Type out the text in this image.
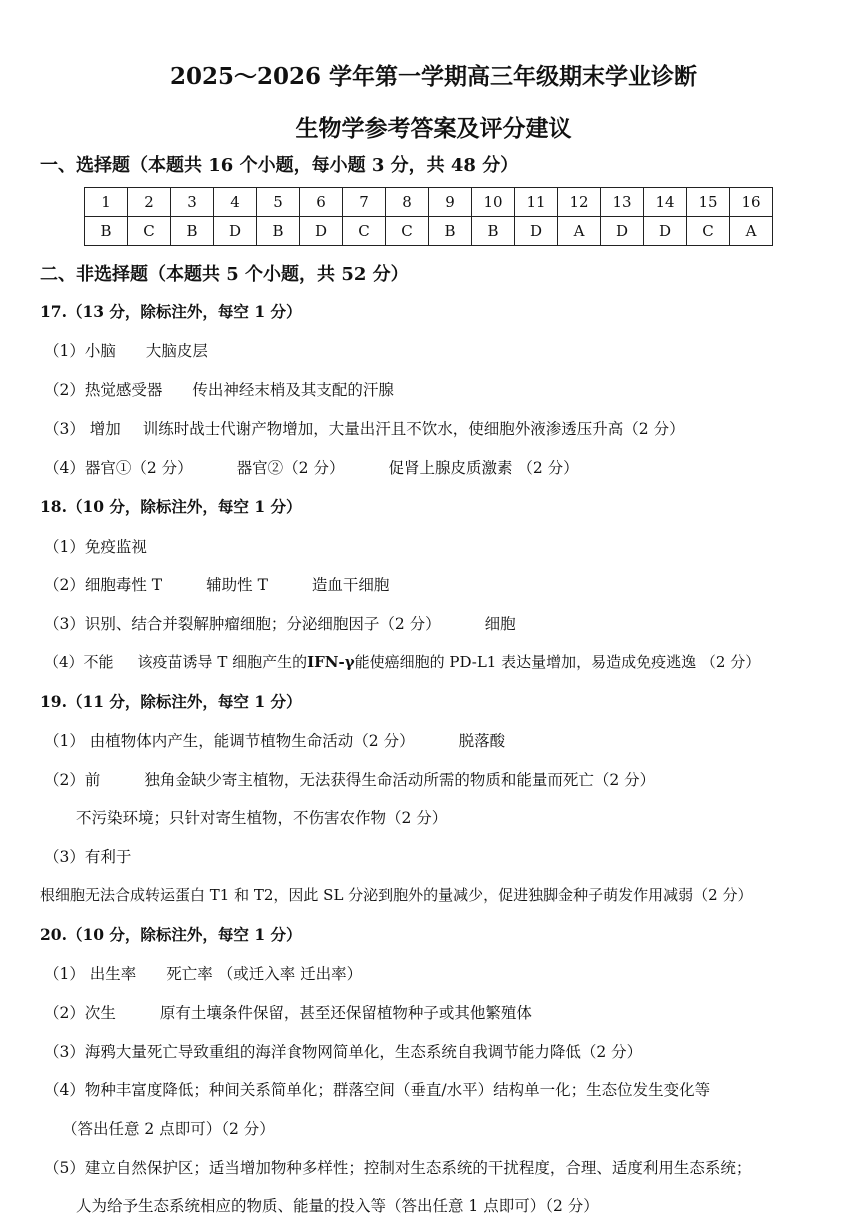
2025～2026 学年第一学期高三年级期末学业诊断
生物学参考答案及评分建议
一、选择题（本题共 16 个小题，每小题 3 分，共 48 分）
1	2	3	4	5	6	7	8	9	10	11	12	13	14	15	16
B	C	B	D	B	D	C	C	B	B	D	A	D	D	C	A
二、非选择题（本题共 5 个小题，共 52 分）
17.（13 分，除标注外，每空 1 分）
（1）小脑 大脑皮层
（2）热觉感受器 传出神经末梢及其支配的汗腺
（3） 增加 训练时战士代谢产物增加，大量出汗且不饮水，使细胞外液渗透压升高（2 分）
（4）器官①（2 分）	器官②（2 分）	促肾上腺皮质激素 （2 分）
18.（10 分，除标注外，每空 1 分）
（1）免疫监视
（2）细胞毒性 T	辅助性 T	造血干细胞
（3）识别、结合并裂解肿瘤细胞；分泌细胞因子（2 分）	细胞
（4）不能 该疫苗诱导 T 细胞产生的IFN-γ能使癌细胞的 PD-L1 表达量增加，易造成免疫逃逸 （2 分）
19.（11 分，除标注外，每空 1 分）
（1） 由植物体内产生，能调节植物生命活动（2 分）	脱落酸
（2）前	独角金缺少寄主植物，无法获得生命活动所需的物质和能量而死亡（2 分）
不污染环境；只针对寄生植物，不伤害农作物（2 分）
（3）有利于
根细胞无法合成转运蛋白 T1 和 T2，因此 SL 分泌到胞外的量减少，促进独脚金种子萌发作用减弱（2 分）
20.（10 分，除标注外，每空 1 分）
（1） 出生率 死亡率 （或迁入率 迁出率）
（2）次生	原有土壤条件保留，甚至还保留植物种子或其他繁殖体
（3）海鸦大量死亡导致重组的海洋食物网简单化，生态系统自我调节能力降低（2 分）
（4）物种丰富度降低；种间关系简单化；群落空间（垂直/水平）结构单一化；生态位发生变化等
（答出任意 2 点即可）（2 分）
（5）建立自然保护区；适当增加物种多样性；控制对生态系统的干扰程度，合理、适度利用生态系统；
人为给予生态系统相应的物质、能量的投入等（答出任意 1 点即可）（2 分）
